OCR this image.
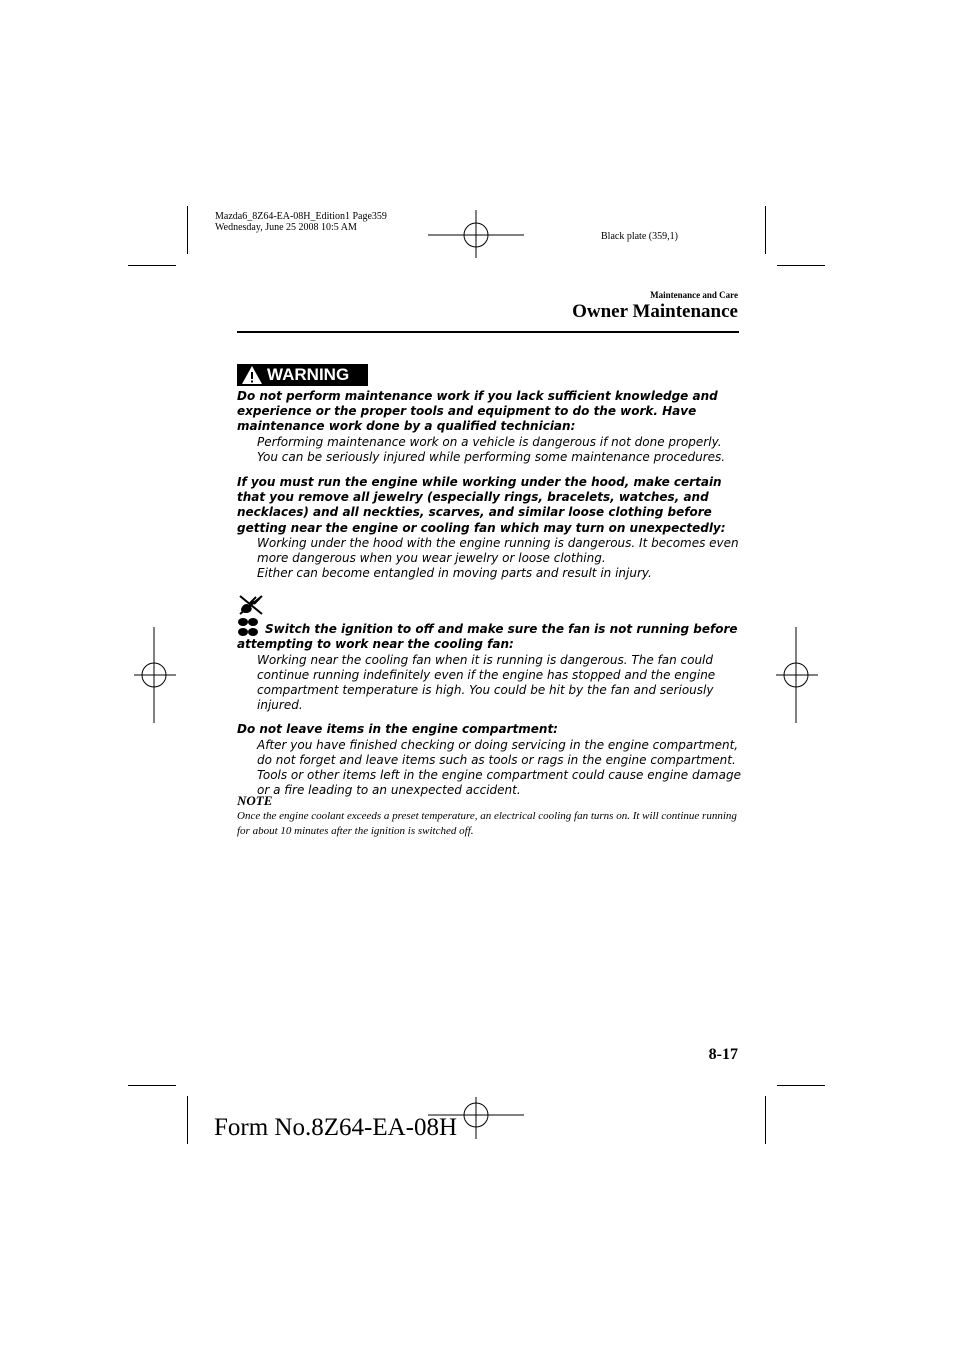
Mazda6_8Z64-EA-08H_Edition1 Page359
Wednesday, June 25 2008 10:5 AM
Black plate (359,1)
Maintenance and Care
Owner Maintenance
WARNING

Do not perform maintenance work if you lack sufficient knowledge and experience or the proper tools and equipment to do the work. Have maintenance work done by a qualified technician:

Performing maintenance work on a vehicle is dangerous if not done properly. You can be seriously injured while performing some maintenance procedures.

If you must run the engine while working under the hood, make certain that you remove all jewelry (especially rings, bracelets, watches, and necklaces) and all neckties, scarves, and similar loose clothing before getting near the engine or cooling fan which may turn on unexpectedly:

Working under the hood with the engine running is dangerous. It becomes even more dangerous when you wear jewelry or loose clothing.

Either can become entangled in moving parts and result in injury.

Switch the ignition to off and make sure the fan is not running before

attempting to work near the cooling fan:

Working near the cooling fan when it is running is dangerous. The fan could continue running indefinitely even if the engine has stopped and the engine compartment temperature is high. You could be hit by the fan and seriously injured.

Do not leave items in the engine compartment:

After you have finished checking or doing servicing in the engine compartment, do not forget and leave items such as tools or rags in the engine compartment.

Tools or other items left in the engine compartment could cause engine damage or a fire leading to an unexpected accident.

NOTE
Once the engine coolant exceeds a preset temperature, an electrical cooling fan turns on. It will continue running for about 10 minutes after the ignition is switched off.
8-17
Form No.8Z64-EA-08H
